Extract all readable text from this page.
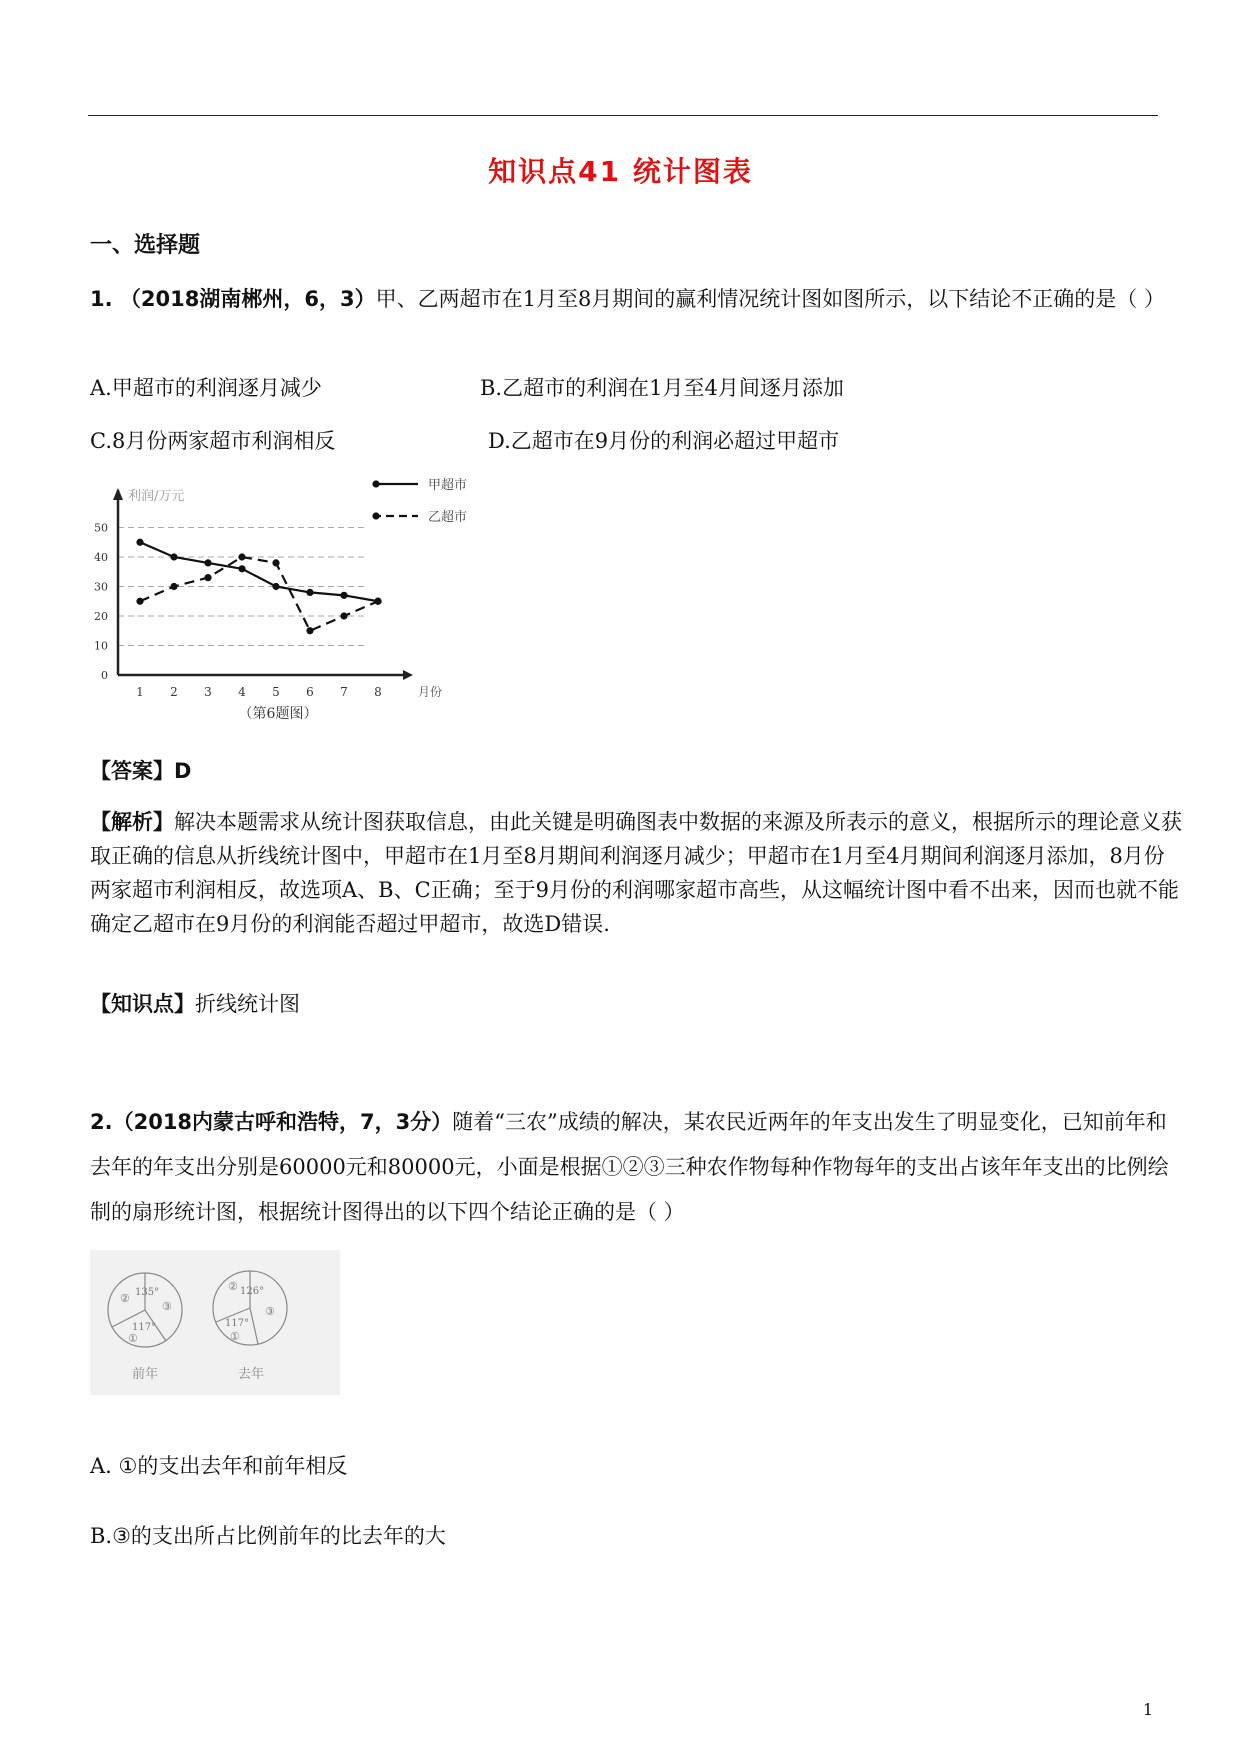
知识点41 统计图表
一、选择题
1. （2018湖南郴州，6，3）甲、乙两超市在1月至8月期间的赢利情况统计图如图所示，以下结论不正确的是（ ）
A.甲超市的利润逐月减少	B.乙超市的利润在1月至4月间逐月添加
C.8月份两家超市利润相反	D.乙超市在9月份的利润必超过甲超市
0
10
20
30
40
50
利润/万元
月份
1 2 3 4 5 6 7 8
（第6题图）
甲超市
乙超市
【答案】D
【解析】解决本题需求从统计图获取信息，由此关键是明确图表中数据的来源及所表示的意义，根据所示的理论意义获取正确的信息从折线统计图中，甲超市在1月至8月期间利润逐月减少；甲超市在1月至4月期间利润逐月添加，8月份两家超市利润相反，故选项A、B、C正确；至于9月份的利润哪家超市高些，从这幅统计图中看不出来，因而也就不能确定乙超市在9月份的利润能否超过甲超市，故选D错误.
【知识点】折线统计图
2.（2018内蒙古呼和浩特，7，3分）随着“三农”成绩的解决，某农民近两年的年支出发生了明显变化，已知前年和去年的年支出分别是60000元和80000元，小面是根据①②③三种农作物每种作物每年的支出占该年年支出的比例绘制的扇形统计图，根据统计图得出的以下四个结论正确的是（ ）
135°
117°
②
③
①
前年
126°
117°
②
③
①
去年
A. ①的支出去年和前年相反
B.③的支出所占比例前年的比去年的大
1
